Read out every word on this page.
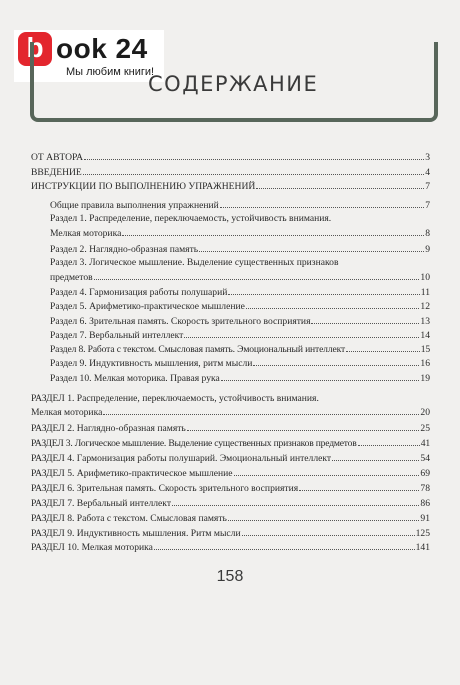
b ook 24
Мы любим книги!
СОДЕРЖАНИЕ
ОТ АВТОРА	3
ВВЕДЕНИЕ	4
ИНСТРУКЦИИ ПО ВЫПОЛНЕНИЮ УПРАЖНЕНИЙ	7
Общие правила выполнения упражнений	7
Раздел 1. Распределение, переключаемость, устойчивость внимания.
Мелкая моторика	8
Раздел 2. Наглядно-образная память	9
Раздел 3. Логическое мышление. Выделение существенных признаков
предметов	10
Раздел 4. Гармонизация работы полушарий	11
Раздел 5. Арифметико-практическое мышление	12
Раздел 6. Зрительная память. Скорость зрительного восприятия	13
Раздел 7. Вербальный интеллект	14
Раздел 8. Работа с текстом. Смысловая память. Эмоциональный интеллект	15
Раздел 9. Индуктивность мышления, ритм мысли	16
Раздел 10. Мелкая моторика. Правая рука	19
РАЗДЕЛ 1. Распределение, переключаемость, устойчивость внимания.
Мелкая моторика	20
РАЗДЕЛ 2. Наглядно-образная память	25
РАЗДЕЛ 3. Логическое мышление. Выделение существенных признаков предметов	41
РАЗДЕЛ 4. Гармонизация работы полушарий. Эмоциональный интеллект	54
РАЗДЕЛ 5. Арифметико-практическое мышление	69
РАЗДЕЛ 6. Зрительная память. Скорость зрительного восприятия	78
РАЗДЕЛ 7. Вербальный интеллект	86
РАЗДЕЛ 8. Работа с текстом. Смысловая память	91
РАЗДЕЛ 9. Индуктивность мышления. Ритм мысли	125
РАЗДЕЛ 10. Мелкая моторика	141
158
